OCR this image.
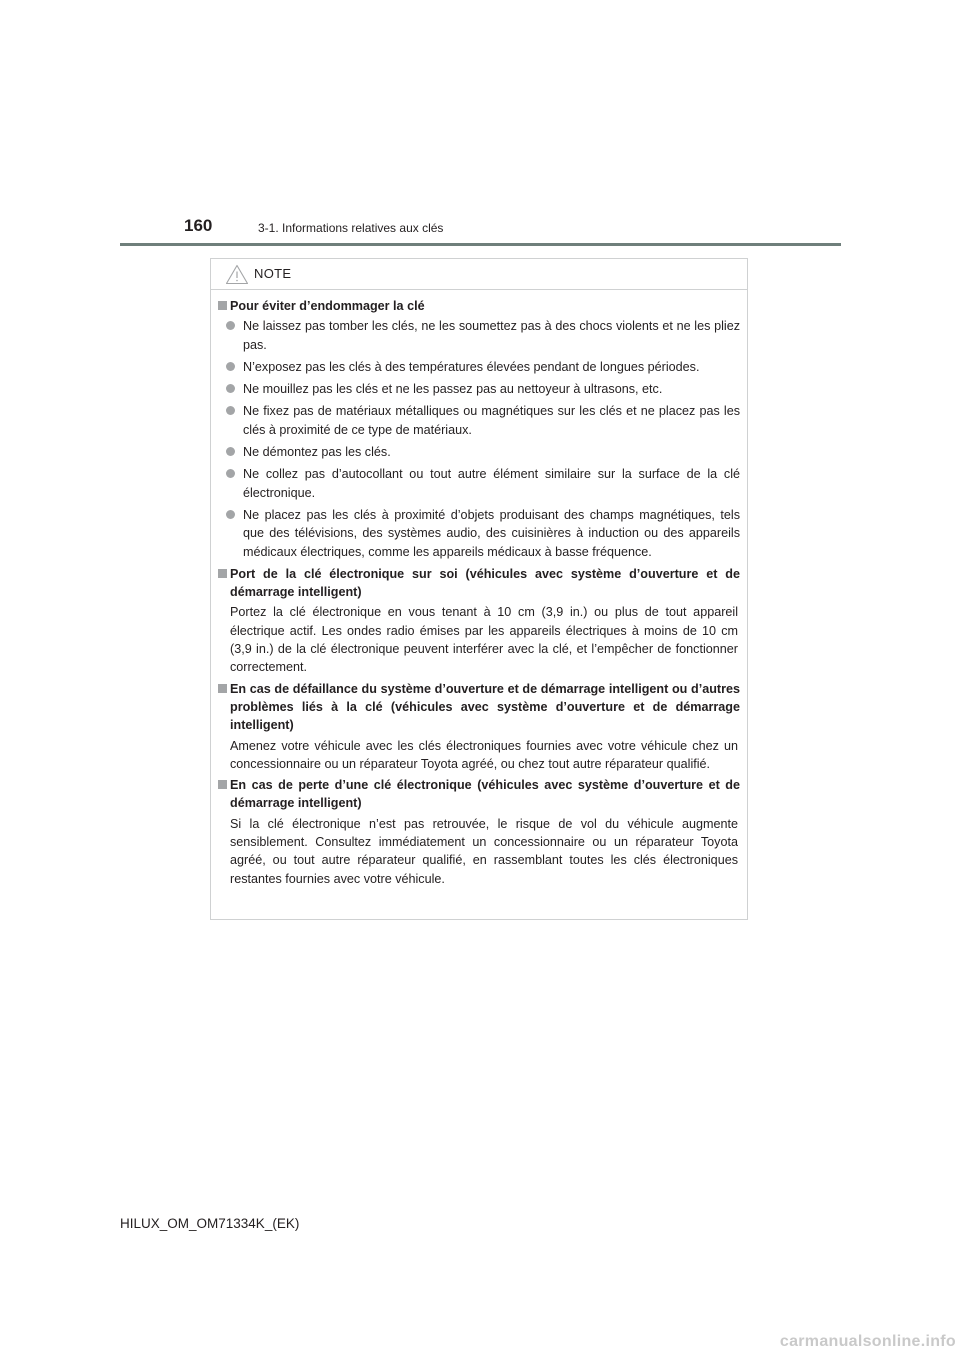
160	3-1. Informations relatives aux clés
NOTE
Pour éviter d’endommager la clé
Ne laissez pas tomber les clés, ne les soumettez pas à des chocs violents et ne les pliez pas.
N’exposez pas les clés à des températures élevées pendant de longues périodes.
Ne mouillez pas les clés et ne les passez pas au nettoyeur à ultrasons, etc.
Ne fixez pas de matériaux métalliques ou magnétiques sur les clés et ne placez pas les clés à proximité de ce type de matériaux.
Ne démontez pas les clés.
Ne collez pas d’autocollant ou tout autre élément similaire sur la surface de la clé électronique.
Ne placez pas les clés à proximité d’objets produisant des champs magnétiques, tels que des télévisions, des systèmes audio, des cuisinières à induction ou des appareils médicaux électriques, comme les appareils médicaux à basse fréquence.
Port de la clé électronique sur soi (véhicules avec système d’ouverture et de démarrage intelligent)
Portez la clé électronique en vous tenant à 10 cm (3,9 in.) ou plus de tout appareil électrique actif. Les ondes radio émises par les appareils électriques à moins de 10 cm (3,9 in.) de la clé électronique peuvent interférer avec la clé, et l’empêcher de fonctionner correctement.
En cas de défaillance du système d’ouverture et de démarrage intelligent ou d’autres problèmes liés à la clé (véhicules avec système d’ouverture et de démarrage intelligent)
Amenez votre véhicule avec les clés électroniques fournies avec votre véhicule chez un concessionnaire ou un réparateur Toyota agréé, ou chez tout autre réparateur qualifié.
En cas de perte d’une clé électronique (véhicules avec système d’ouverture et de démarrage intelligent)
Si la clé électronique n’est pas retrouvée, le risque de vol du véhicule augmente sensiblement. Consultez immédiatement un concessionnaire ou un réparateur Toyota agréé, ou tout autre réparateur qualifié, en rassemblant toutes les clés électroniques restantes fournies avec votre véhicule.
HILUX_OM_OM71334K_(EK)
carmanualsonline.info
